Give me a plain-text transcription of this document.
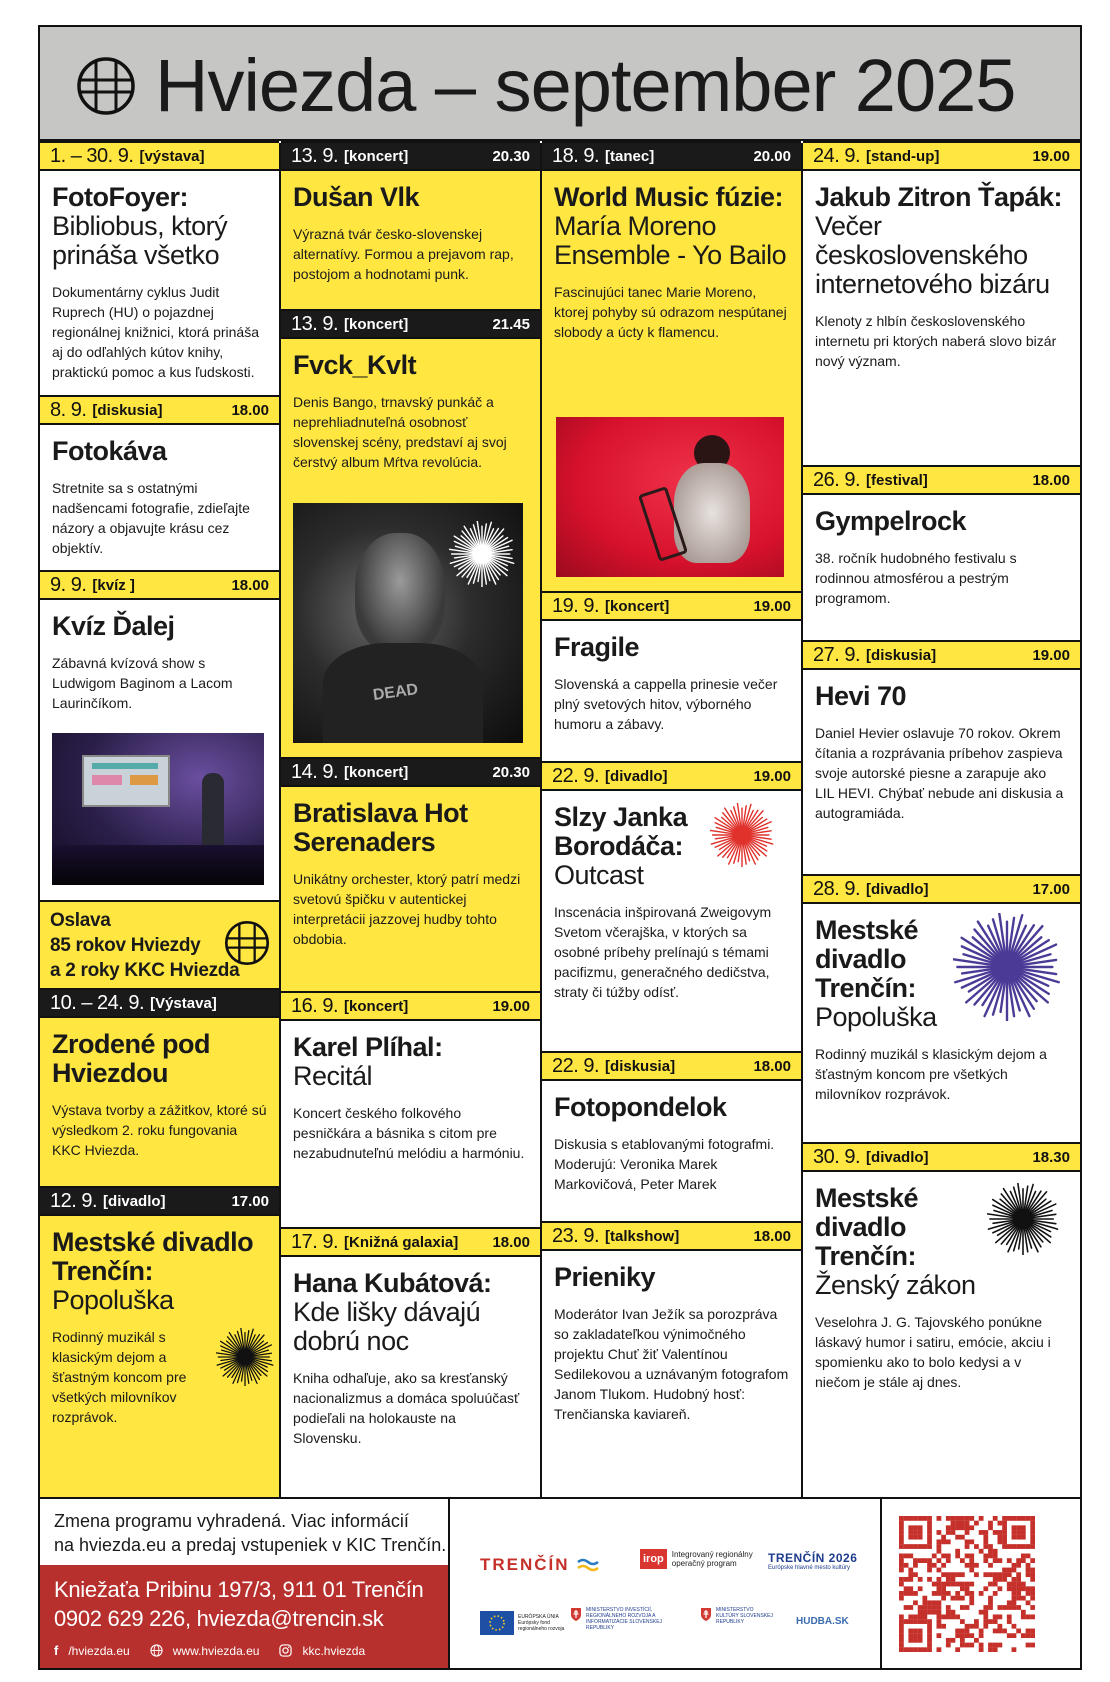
Hviezda – september 2025
1. – 30. 9. [výstava]
FotoFoyer:
Bibliobus, ktorý prináša všetko
Dokumentárny cyklus Judit Ruprech (HU) o pojazdnej regionálnej knižnici, ktorá prináša aj do odľahlých kútov knihy, praktickú pomoc a kus ľudskosti.
8. 9. [diskusia]	18.00
Fotokáva
Stretnite sa s ostatnými nadšencami fotografie, zdieľajte názory a objavujte krásu cez objektív.
9. 9. [kvíz ]	18.00
Kvíz Ďalej
Zábavná kvízová show s Ludwigom Baginom a Lacom Laurinčíkom.
Oslava
85 rokov Hviezdy
a 2 roky KKC Hviezda
10. – 24. 9. [Výstava]
Zrodené pod Hviezdou
Výstava tvorby a zážitkov, ktoré sú výsledkom 2. roku fungovania KKC Hviezda.
12. 9. [divadlo]	17.00
Mestské divadlo Trenčín:
Popoluška
Rodinný muzikál s klasickým dejom a šťastným koncom pre všetkých milovníkov rozprávok.
13. 9. [koncert]	20.30
Dušan Vlk
Výrazná tvár česko-slovenskej alternatívy. Formou a prejavom rap, postojom a hodnotami punk.
13. 9. [koncert]	21.45
Fvck_Kvlt
Denis Bango, trnavský punkáč a neprehliadnuteľná osobnosť slovenskej scény, predstaví aj svoj čerstvý album Mŕtva revolúcia.
DEAD
14. 9. [koncert]	20.30
Bratislava Hot Serenaders
Unikátny orchester, ktorý patrí medzi svetovú špičku v autentickej interpretácii jazzovej hudby tohto obdobia.
16. 9. [koncert]	19.00
Karel Plíhal:
Recitál
Koncert českého folkového pesničkára a básnika s citom pre nezabudnuteľnú melódiu a harmóniu.
17. 9. [Knižná galaxia] 18.00
Hana Kubátová:
Kde lišky dávajú dobrú noc
Kniha odhaľuje, ako sa kresťanský nacionalizmus a domáca spoluúčasť podieľali na holokauste na Slovensku.
18. 9. [tanec]	20.00
World Music fúzie:
María Moreno Ensemble - Yo Bailo
Fascinujúci tanec Marie Moreno, ktorej pohyby sú odrazom nespútanej slobody a úcty k flamencu.
19. 9. [koncert]	19.00
Fragile
Slovenská a cappella prinesie večer plný svetových hitov, výborného humoru a zábavy.
22. 9. [divadlo]	19.00
Slzy Janka Borodáča:
Outcast
Inscenácia inšpirovaná Zweigovym Svetom včerajška, v ktorých sa osobné príbehy prelínajú s témami pacifizmu, generačného dedičstva, straty či túžby odísť.
22. 9. [diskusia]	18.00
Fotopondelok
Diskusia s etablovanými fotografmi. Moderujú: Veronika Marek Markovičová, Peter Marek
23. 9. [talkshow]	18.00
Prieniky
Moderátor Ivan Ježík sa porozpráva so zakladateľkou výnimočného projektu Chuť žiť Valentínou Sedilekovou a uznávaným fotografom Janom Tlukom. Hudobný hosť: Trenčianska kaviareň.
24. 9. [stand-up]	19.00
Jakub Zitron Ťapák:
Večer československého internetového bizáru
Klenoty z hlbín československého internetu pri ktorých naberá slovo bizár nový význam.
26. 9. [festival]	18.00
Gympelrock
38. ročník hudobného festivalu s rodinnou atmosférou a pestrým programom.
27. 9. [diskusia]	19.00
Hevi 70
Daniel Hevier oslavuje 70 rokov. Okrem čítania a rozprávania príbehov zaspieva svoje autorské piesne a zarapuje ako LIL HEVI. Chýbať nebude ani diskusia a autogramiáda.
28. 9. [divadlo]	17.00
Mestské divadlo Trenčín:
Popoluška
Rodinný muzikál s klasickým dejom a šťastným koncom pre všetkých milovníkov rozprávok.
30. 9. [divadlo]	18.30
Mestské divadlo Trenčín:
Ženský zákon
Veselohra J. G. Tajovského ponúkne láskavý humor i satiru, emócie, akciu i spomienku ako to bolo kedysi a v niečom je stále aj dnes.
Zmena programu vyhradená. Viac informácií
na hviezda.eu a predaj vstupeniek v KIC Trenčín.
Kniežaťa Pribinu 197/3, 911 01 Trenčín
0902 629 226, hviezda@trencin.sk
f /hviezda.eu	www.hviezda.eu	kkc.hviezda
TRENČÍN	irop	Integrovaný regionálny operačný program	TRENČÍN 2026
Európske hlavné mesto kultúry
EURÓPSKA ÚNIA Európsky fond regionálneho rozvoja
MINISTERSTVO INVESTÍCIÍ, REGIONÁLNEHO ROZVOJA A INFORMATIZÁCIE SLOVENSKEJ REPUBLIKY
MINISTERSTVO KULTÚRY SLOVENSKEJ REPUBLIKY	HUDBA.SK
